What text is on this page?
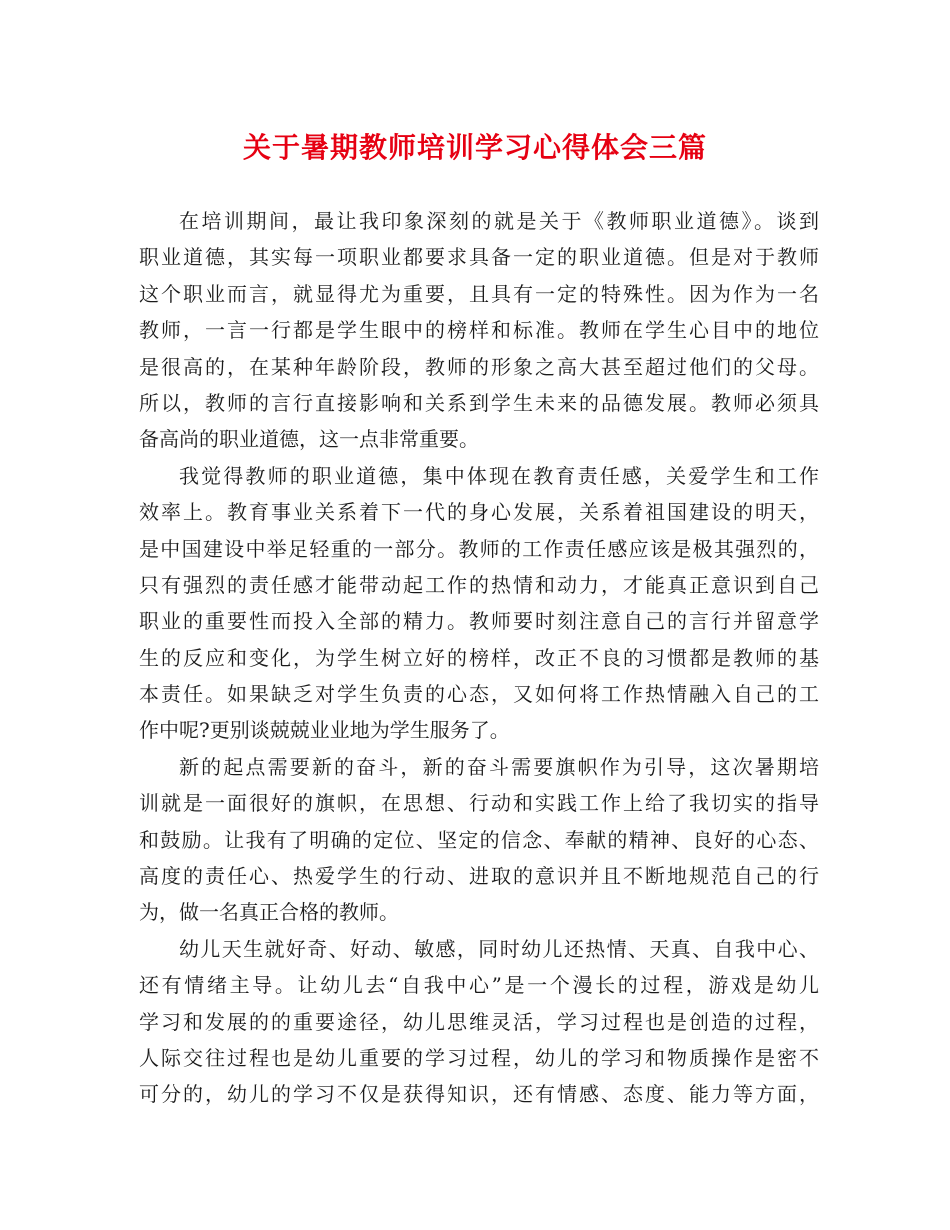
关于暑期教师培训学习心得体会三篇
在培训期间，最让我印象深刻的就是关于《教师职业道德》。谈到
职业道德，其实每一项职业都要求具备一定的职业道德。但是对于教师
这个职业而言，就显得尤为重要，且具有一定的特殊性。因为作为一名
教师，一言一行都是学生眼中的榜样和标准。教师在学生心目中的地位
是很高的，在某种年龄阶段，教师的形象之高大甚至超过他们的父母。
所以，教师的言行直接影响和关系到学生未来的品德发展。教师必须具
备高尚的职业道德，这一点非常重要。
我觉得教师的职业道德，集中体现在教育责任感，关爱学生和工作
效率上。教育事业关系着下一代的身心发展，关系着祖国建设的明天，
是中国建设中举足轻重的一部分。教师的工作责任感应该是极其强烈的，
只有强烈的责任感才能带动起工作的热情和动力，才能真正意识到自己
职业的重要性而投入全部的精力。教师要时刻注意自己的言行并留意学
生的反应和变化，为学生树立好的榜样，改正不良的习惯都是教师的基
本责任。如果缺乏对学生负责的心态，又如何将工作热情融入自己的工
作中呢?更别谈兢兢业业地为学生服务了。
新的起点需要新的奋斗，新的奋斗需要旗帜作为引导，这次暑期培
训就是一面很好的旗帜，在思想、行动和实践工作上给了我切实的指导
和鼓励。让我有了明确的定位、坚定的信念、奉献的精神、良好的心态、
高度的责任心、热爱学生的行动、进取的意识并且不断地规范自己的行
为，做一名真正合格的教师。
幼儿天生就好奇、好动、敏感，同时幼儿还热情、天真、自我中心、
还有情绪主导。让幼儿去“自我中心”是一个漫长的过程，游戏是幼儿
学习和发展的的重要途径，幼儿思维灵活，学习过程也是创造的过程，
人际交往过程也是幼儿重要的学习过程，幼儿的学习和物质操作是密不
可分的，幼儿的学习不仅是获得知识，还有情感、态度、能力等方面，
